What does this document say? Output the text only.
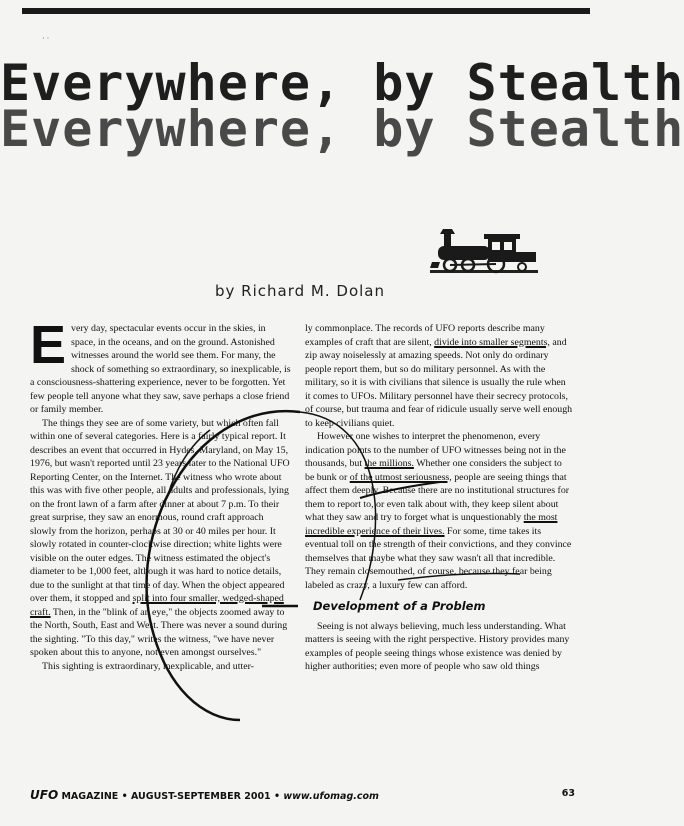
· ·
Everywhere, by Stealth
Everywhere, by Stealth
by Richard M. Dolan

Every day, spectacular events occur in the skies, in space, in the oceans, and on the ground. Astonished witnesses around the world see them. For many, the shock of something so extraordinary, so inexplicable, is a consciousness-shattering experience, never to be forgotten. Yet few people tell anyone what they saw, save perhaps a close friend or family member.

The things they see are of some variety, but which often fall within one of several categories. Here is a fairly typical report. It describes an event that occurred in Hydes, Maryland, on May 15, 1976, but wasn't reported until 23 years later to the National UFO Reporting Center, on the Internet. The witness who wrote about this was with five other people, all adults and professionals, lying on the front lawn of a farm after dinner at about 7 p.m. To their great surprise, they saw an enormous, round craft approach slowly from the horizon, perhaps at 30 or 40 miles per hour. It slowly rotated in counter-clockwise direction; white lights were visible on the outer edges. The witness estimated the object's diameter to be 1,000 feet, although it was hard to notice details, due to the sunlight at that time of day. When the object appeared over them, it stopped and split into four smaller, wedged-shaped craft. Then, in the "blink of an eye," the objects zoomed away to the North, South, East and West. There was never a sound during the sighting. "To this day," writes the witness, "we have never spoken about this to anyone, not even amongst ourselves."

This sighting is extraordinary, inexplicable, and utter-

ly commonplace. The records of UFO reports describe many examples of craft that are silent, divide into smaller segments, and zip away noiselessly at amazing speeds. Not only do ordinary people report them, but so do military personnel. As with the military, so it is with civilians that silence is usually the rule when it comes to UFOs. Military personnel have their secrecy protocols, of course, but trauma and fear of ridicule usually serve well enough to keep civilians quiet.

However one wishes to interpret the phenomenon, every indication points to the number of UFO witnesses being not in the thousands, but the millions. Whether one considers the subject to be bunk or of the utmost seriousness, people are seeing things that affect them deeply. Because there are no institutional structures for them to report to, or even talk about with, they keep silent about what they saw and try to forget what is unquestionably the most incredible experience of their lives. For some, time takes its eventual toll on the strength of their convictions, and they convince themselves that maybe what they saw wasn't all that incredible. They remain closemouthed, of course, because they fear being labeled as crazy, a luxury few can afford.

Development of a Problem

Seeing is not always believing, much less understanding. What matters is seeing with the right perspective. History provides many examples of people seeing things whose existence was denied by higher authorities; even more of people who saw old things

UFO MAGAZINE • AUGUST-SEPTEMBER 2001 • www.ufomag.com	63
